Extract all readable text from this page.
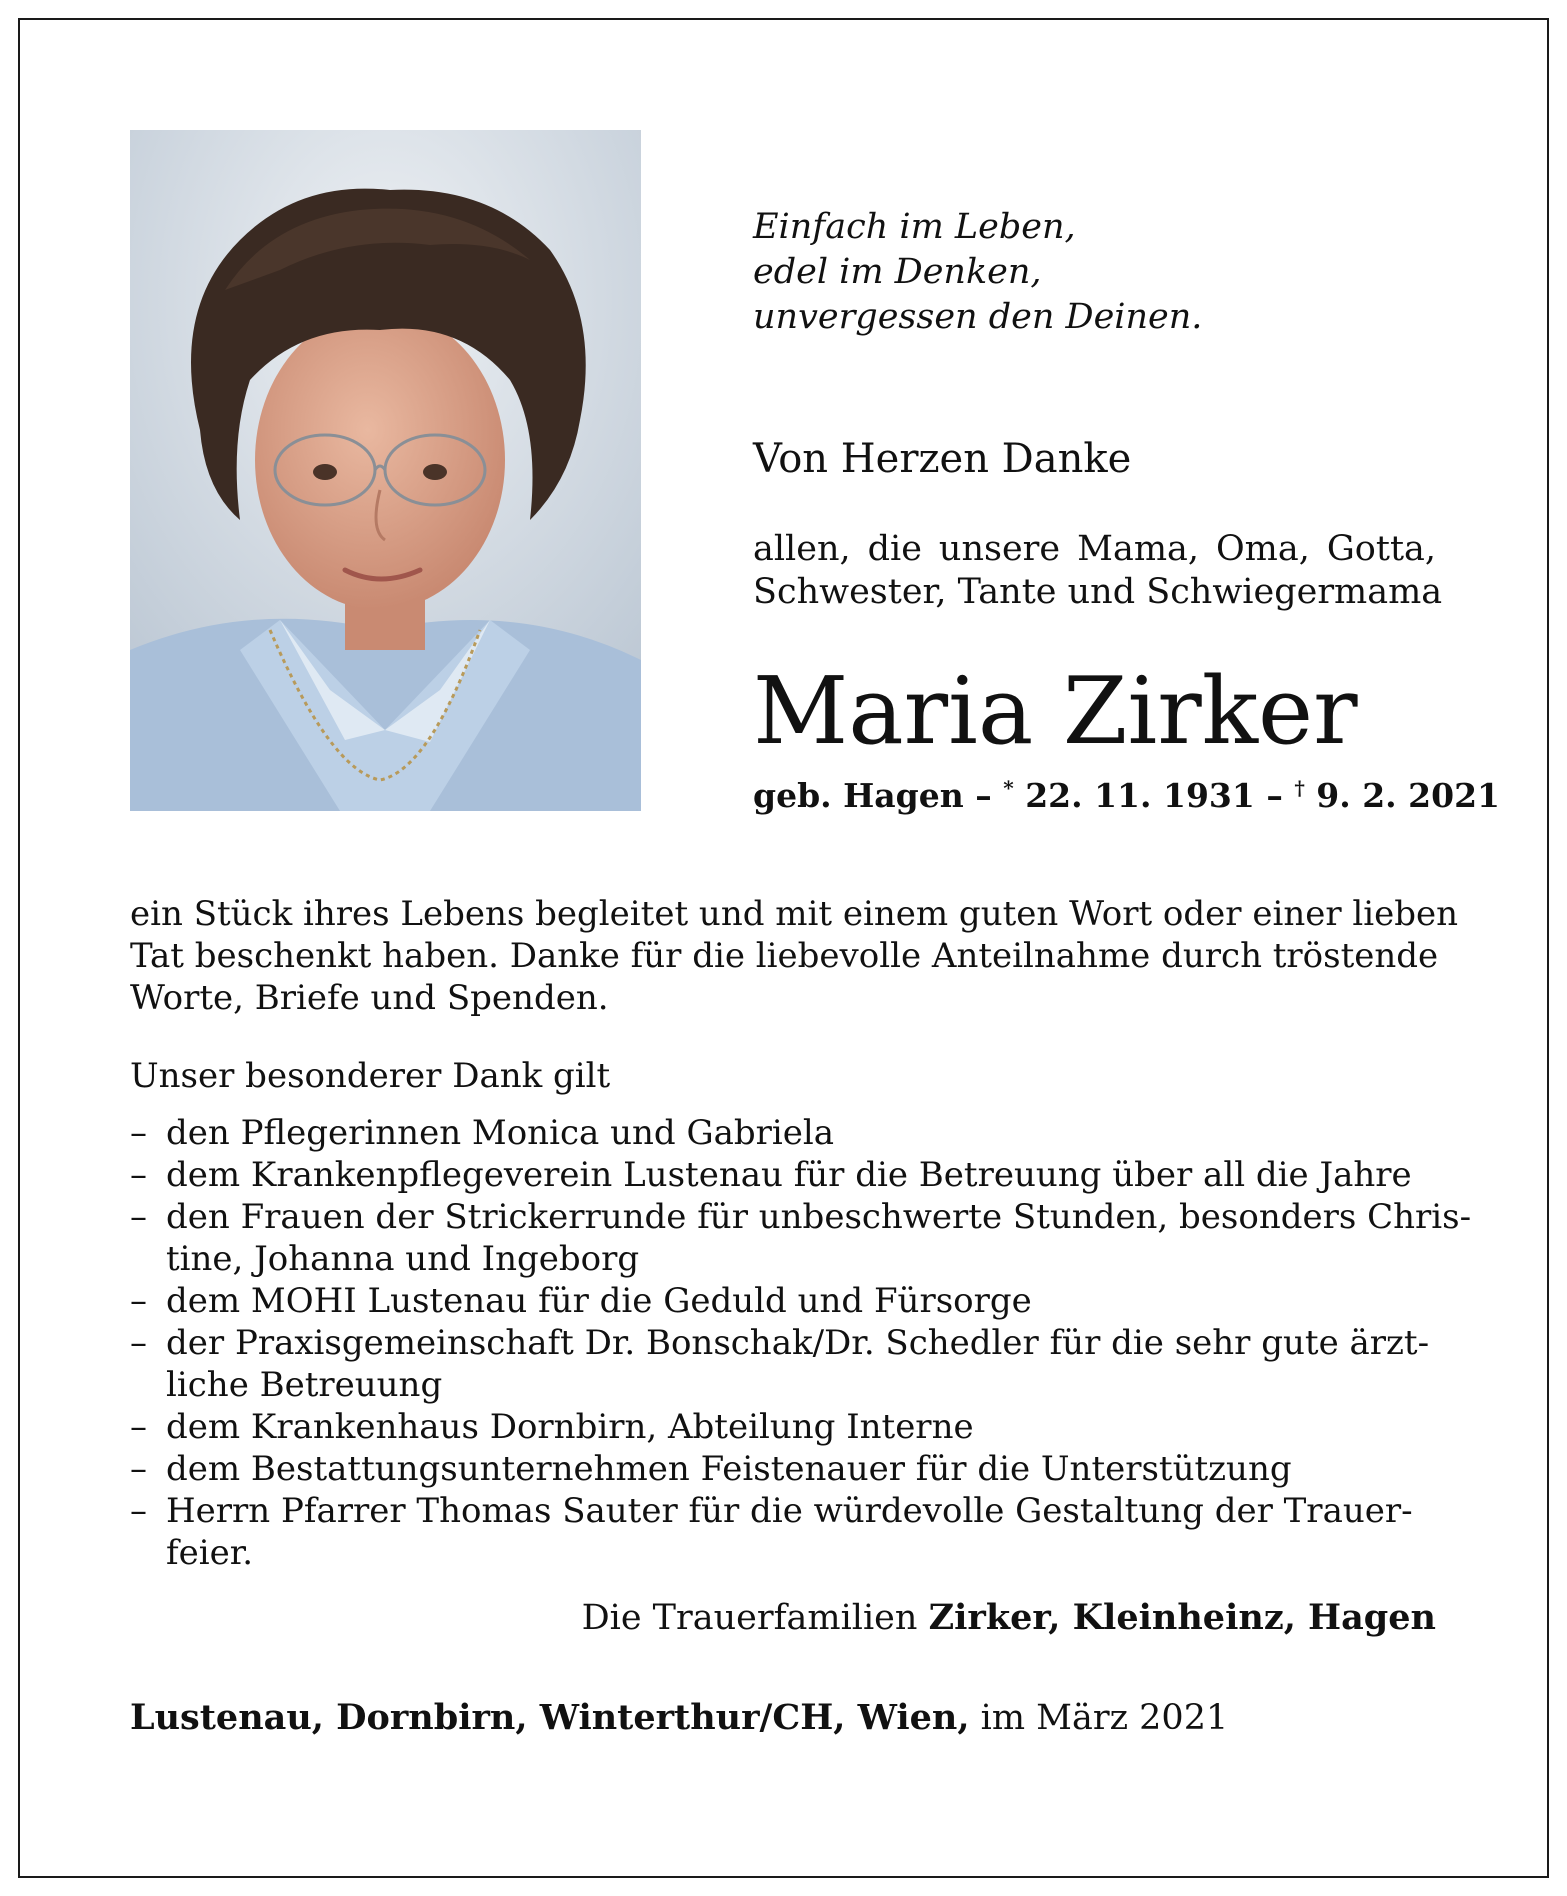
Einfach im Leben,
edel im Denken,
unvergessen den Deinen.
Von Herzen Danke
allen, die unsere Mama, Oma, Gotta,
Schwester, Tante und Schwiegermama
Maria Zirker
geb. Hagen – * 22. 11. 1931 – † 9. 2. 2021
ein Stück ihres Lebens begleitet und mit einem guten Wort oder einer lieben
Tat beschenkt haben. Danke für die liebevolle Anteilnahme durch tröstende
Worte, Briefe und Spenden.
Unser besonderer Dank gilt
– den Pflegerinnen Monica und Gabriela
– dem Krankenpflegeverein Lustenau für die Betreuung über all die Jahre
– den Frauen der Strickerrunde für unbeschwerte Stunden, besonders Chris-
tine, Johanna und Ingeborg
– dem MOHI Lustenau für die Geduld und Fürsorge
– der Praxisgemeinschaft Dr. Bonschak/Dr. Schedler für die sehr gute ärzt-
liche Betreuung
– dem Krankenhaus Dornbirn, Abteilung Interne
– dem Bestattungsunternehmen Feistenauer für die Unterstützung
– Herrn Pfarrer Thomas Sauter für die würdevolle Gestaltung der Trauer-
feier.
Die Trauerfamilien Zirker, Kleinheinz, Hagen
Lustenau, Dornbirn, Winterthur/CH, Wien, im März 2021
